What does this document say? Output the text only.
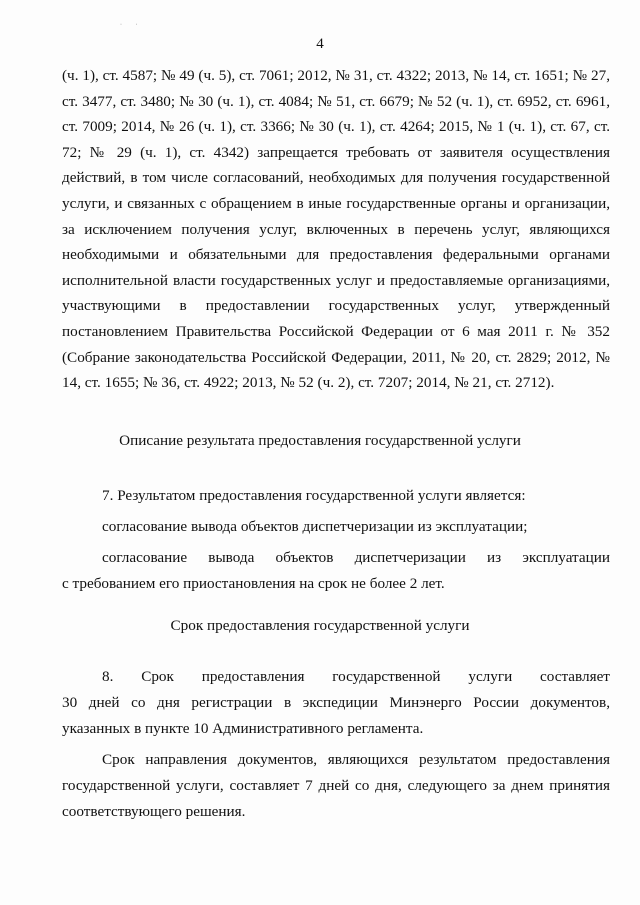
· ·
4

(ч. 1), ст. 4587; № 49 (ч. 5), ст. 7061; 2012, № 31, ст. 4322; 2013, № 14, ст. 1651; № 27, ст. 3477, ст. 3480; № 30 (ч. 1), ст. 4084; № 51, ст. 6679; № 52 (ч. 1), ст. 6952, ст. 6961, ст. 7009; 2014, № 26 (ч. 1), ст. 3366; № 30 (ч. 1), ст. 4264; 2015, № 1 (ч. 1), ст. 67, ст. 72; № 29 (ч. 1), ст. 4342) запрещается требовать от заявителя осуществления действий, в том числе согласований, необходимых для получения государственной услуги, и связанных с обращением в иные государственные органы и организации, за исключением получения услуг, включенных в перечень услуг, являющихся необходимыми и обязательными для предоставления федеральными органами исполнительной власти государственных услуг и предоставляемые организациями, участвующими в предоставлении государственных услуг, утвержденный постановлением Правительства Российской Федерации от 6 мая 2011 г. № 352 (Собрание законодательства Российской Федерации, 2011, № 20, ст. 2829; 2012, № 14, ст. 1655; № 36, ст. 4922; 2013, № 52 (ч. 2), ст. 7207; 2014, № 21, ст. 2712).

Описание результата предоставления государственной услуги

7. Результатом предоставления государственной услуги является:

согласование вывода объектов диспетчеризации из эксплуатации;

согласование вывода объектов диспетчеризации из эксплуатации

с требованием его приостановления на срок не более 2 лет.

Срок предоставления государственной услуги

8. Срок предоставления государственной услуги составляет

30 дней со дня регистрации в экспедиции Минэнерго России документов, указанных в пункте 10 Административного регламента.

Срок направления документов, являющихся результатом предоставления государственной услуги, составляет 7 дней со дня, следующего за днем принятия соответствующего решения.
